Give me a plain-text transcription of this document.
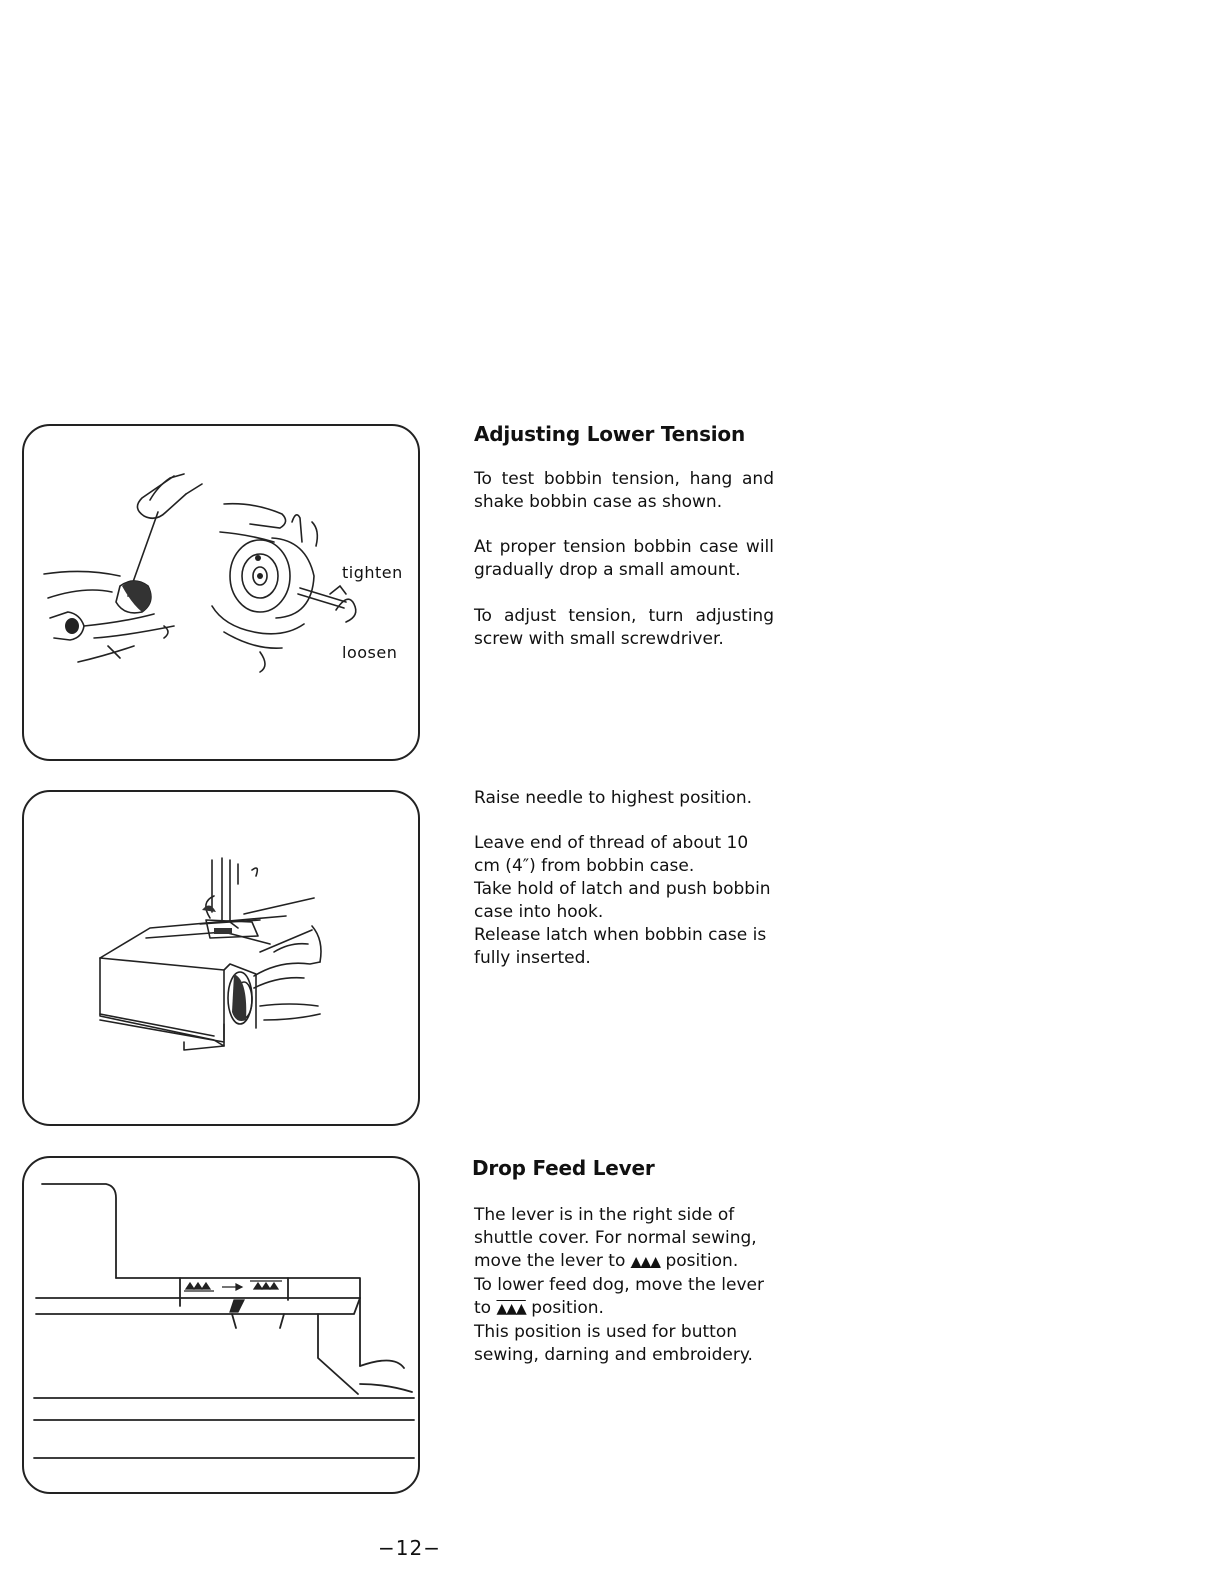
tighten
loosen
Adjusting Lower Tension

To test bobbin tension, hang and shake bobbin case as shown.

At proper tension bobbin case will gradually drop a small amount.

To adjust tension, turn adjusting screw with small screwdriver.

Raise needle to highest position.

Leave end of thread of about 10 cm (4″) from bobbin case.

Take hold of latch and push bobbin case into hook.

Release latch when bobbin case is fully inserted.

Drop Feed Lever
The lever is in the right side of
shuttle cover. For normal sewing,
move the lever to ▲▲▲ position.
To lower feed dog, move the lever
to ▲▲▲ position.
This position is used for button
sewing, darning and embroidery.
−12−
